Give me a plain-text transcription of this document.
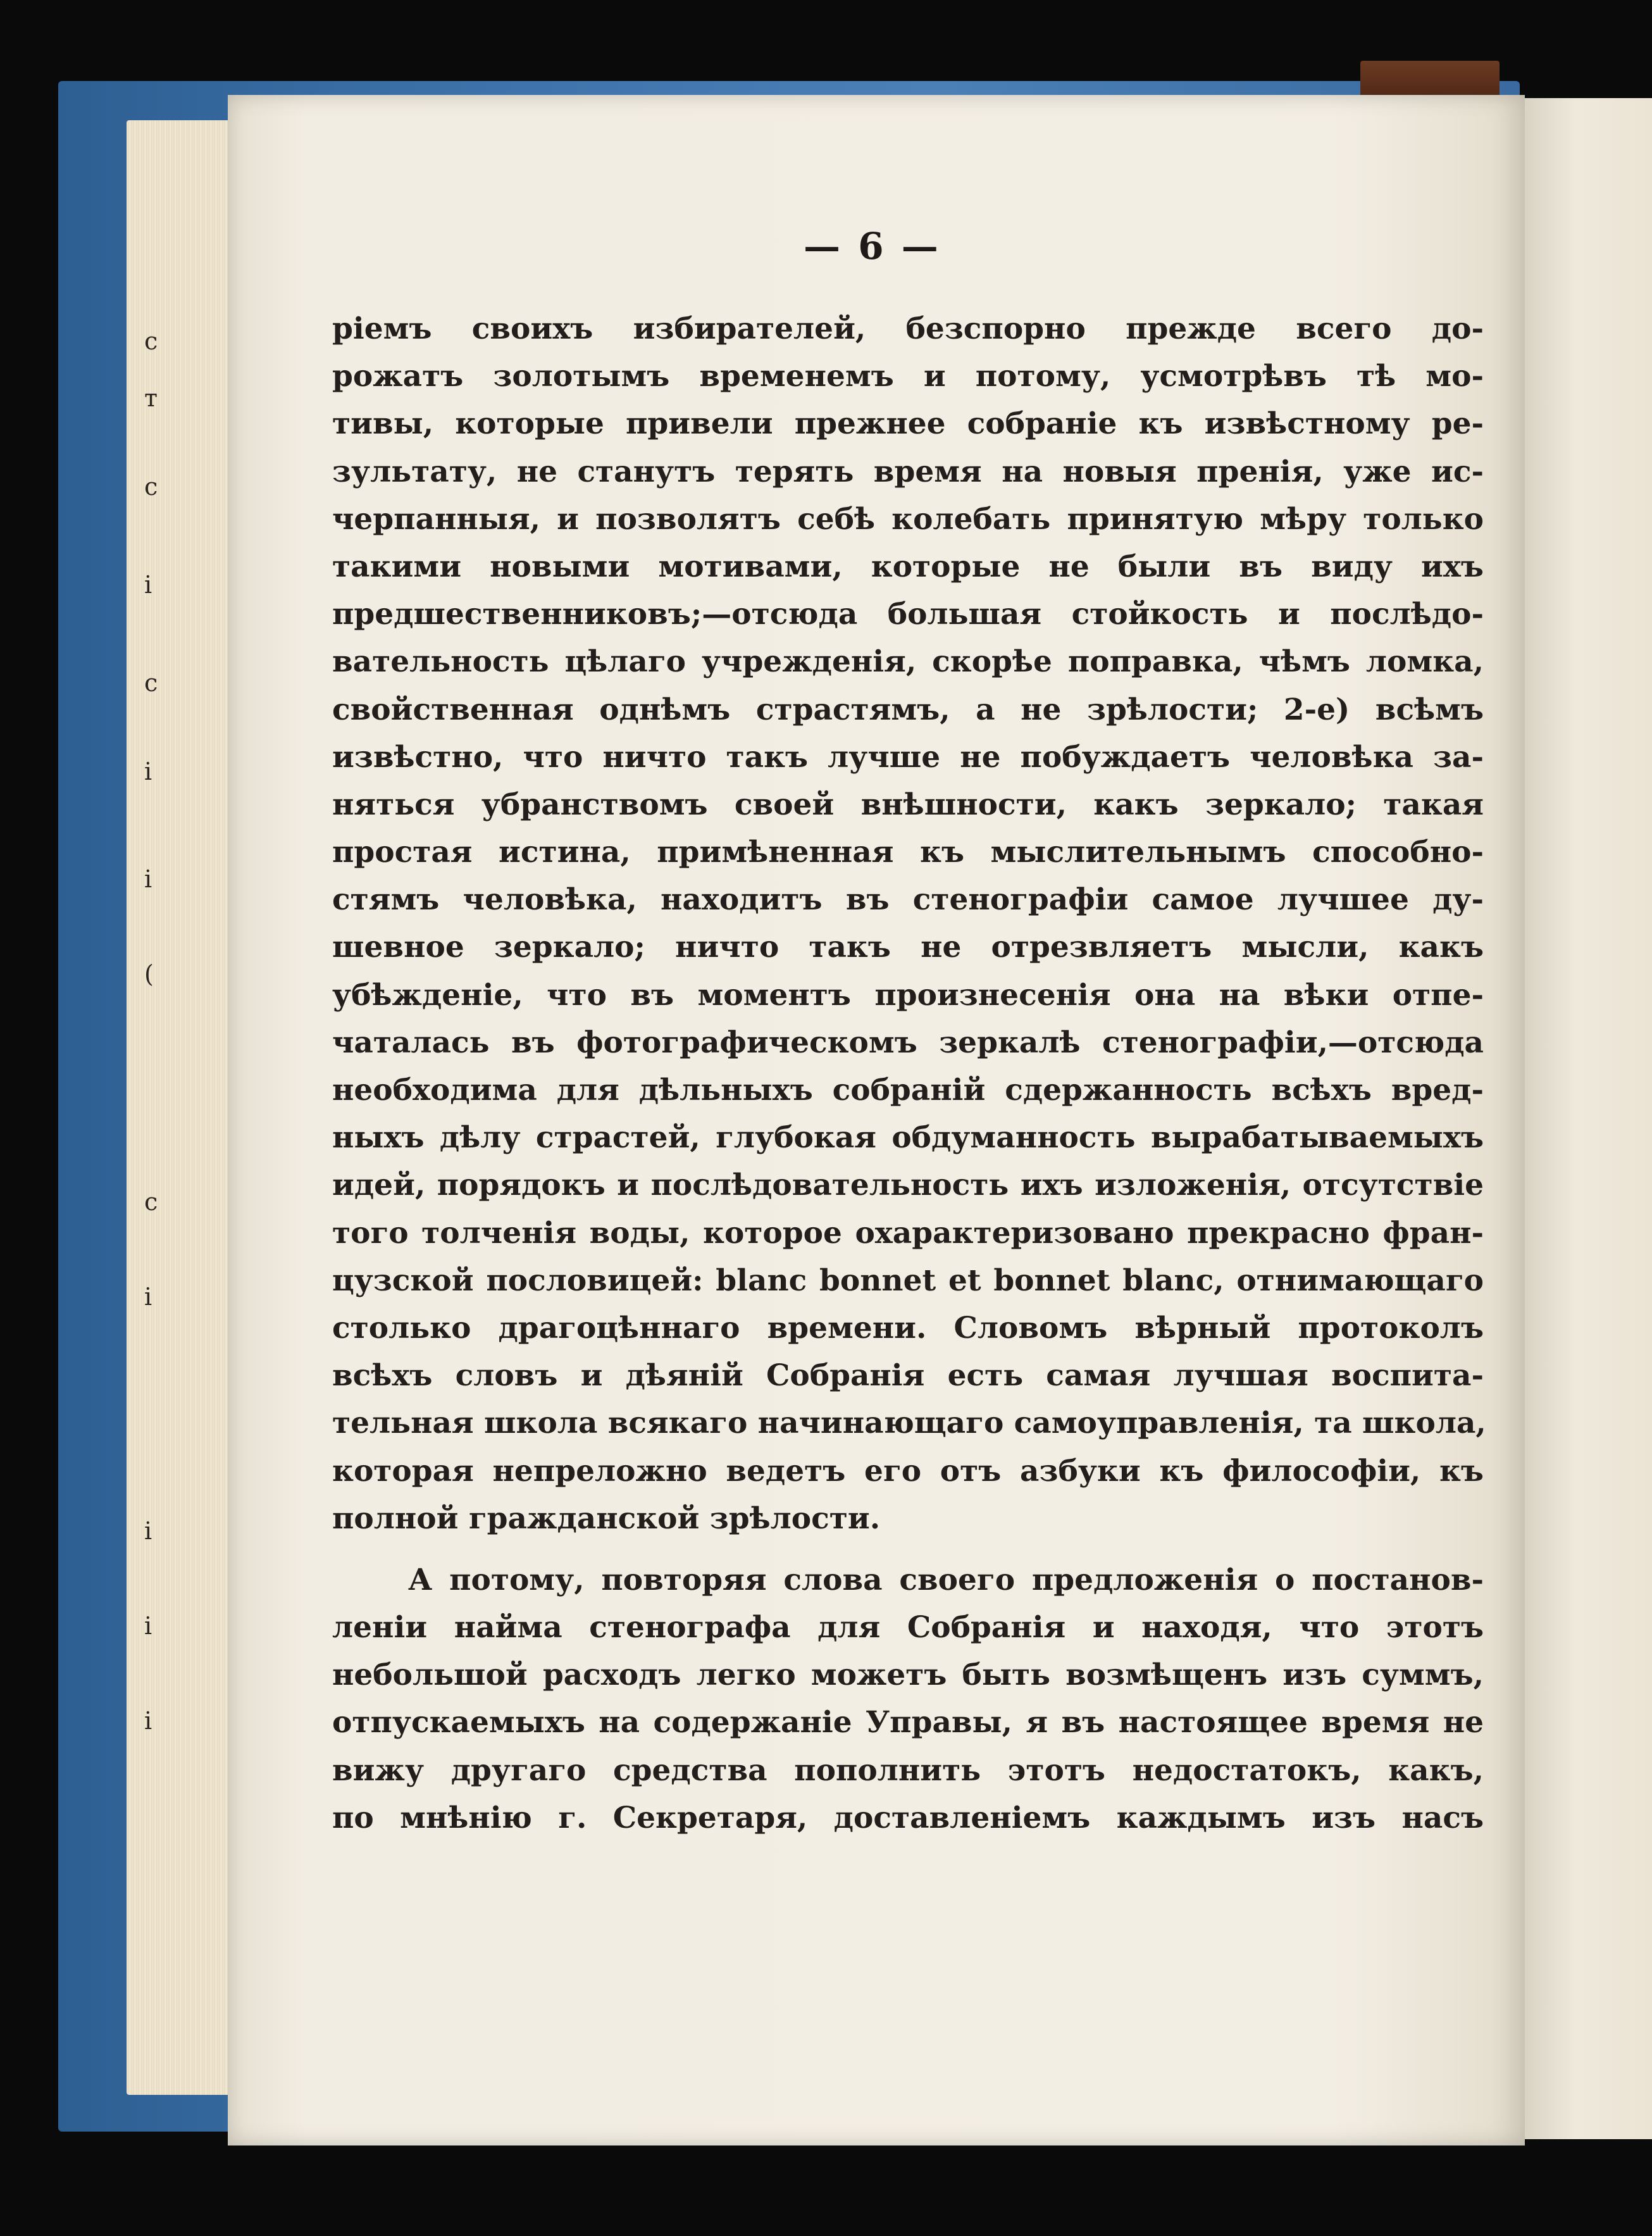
с
т
с
і
с
і
і
(
с
і
і
і
і
— 6 —
ріемъ своихъ избирателей, безспорно прежде всего до-
рожатъ золотымъ временемъ и потому, усмотрѣвъ тѣ мо-
тивы, которые привели прежнее собраніе къ извѣстному ре-
зультату, не станутъ терять время на новыя пренія, уже ис-
черпанныя, и позволятъ себѣ колебать принятую мѣру только
такими новыми мотивами, которые не были въ виду ихъ
предшественниковъ;—отсюда большая стойкость и послѣдо-
вательность цѣлаго учрежденія, скорѣе поправка, чѣмъ ломка,
свойственная однѣмъ страстямъ, а не зрѣлости; 2-е) всѣмъ
извѣстно, что ничто такъ лучше не побуждаетъ человѣка за-
няться убранствомъ своей внѣшности, какъ зеркало; такая
простая истина, примѣненная къ мыслительнымъ способно-
стямъ человѣка, находитъ въ стенографіи самое лучшее ду-
шевное зеркало; ничто такъ не отрезвляетъ мысли, какъ
убѣжденіе, что въ моментъ произнесенія она на вѣки отпе-
чаталась въ фотографическомъ зеркалѣ стенографіи,—отсюда
необходима для дѣльныхъ собраній сдержанность всѣхъ вред-
ныхъ дѣлу страстей, глубокая обдуманность вырабатываемыхъ
идей, порядокъ и послѣдовательность ихъ изложенія, отсутствіе
того толченія воды, которое охарактеризовано прекрасно фран-
цузской пословицей: blanc bonnet et bonnet blanc, отнимающаго
столько драгоцѣннаго времени. Словомъ вѣрный протоколъ
всѣхъ словъ и дѣяній Собранія есть самая лучшая воспита-
тельная школа всякаго начинающаго самоуправленія, та школа,
которая непреложно ведетъ его отъ азбуки къ философіи, къ
полной гражданской зрѣлости.
А потому, повторяя слова своего предложенія о постанов-
леніи найма стенографа для Собранія и находя, что этотъ
небольшой расходъ легко можетъ быть возмѣщенъ изъ суммъ,
отпускаемыхъ на содержаніе Управы, я въ настоящее время не
вижу другаго средства пополнить этотъ недостатокъ, какъ,
по мнѣнію г. Секретаря, доставленіемъ каждымъ изъ насъ
